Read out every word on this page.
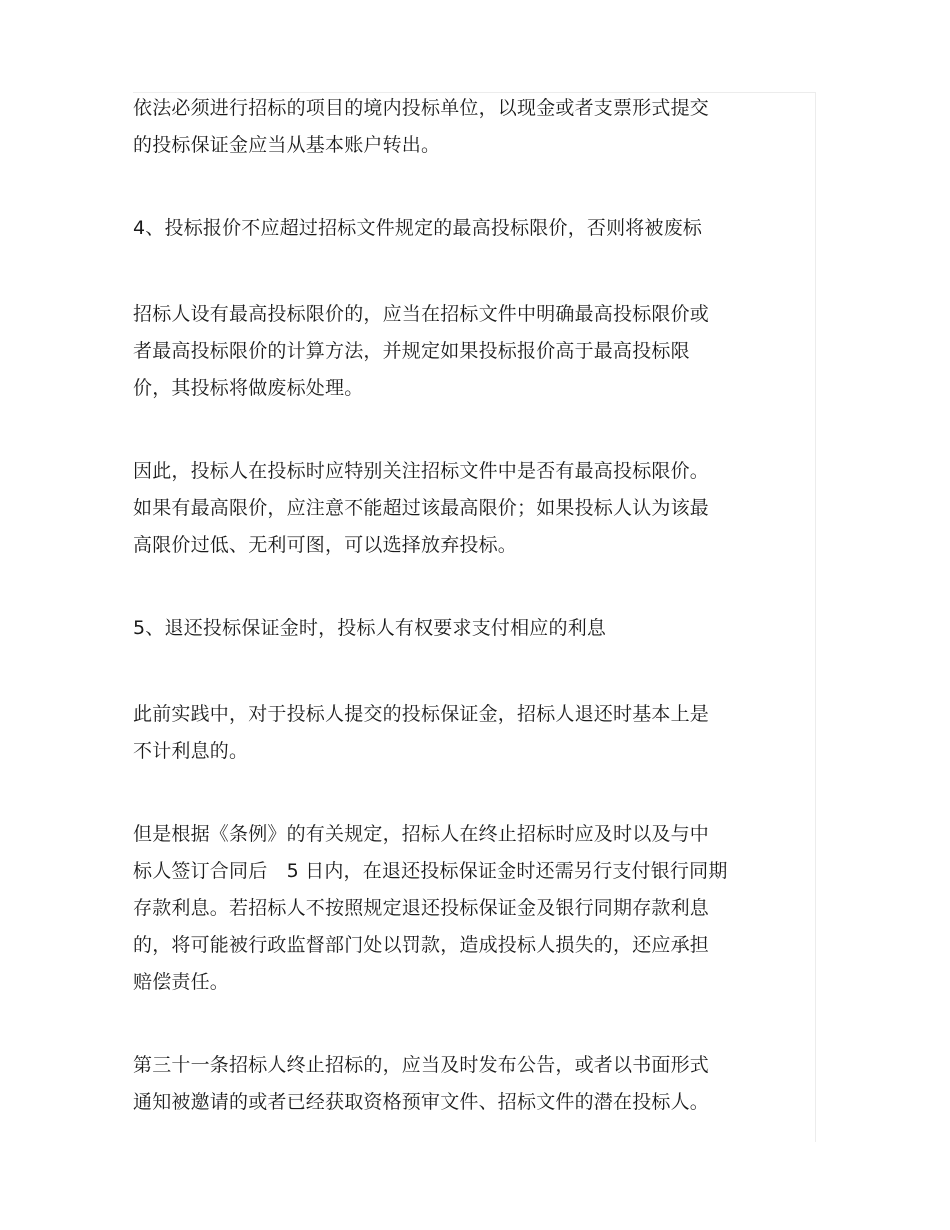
依法必须进行招标的项目的境内投标单位，以现金或者支票形式提交
的投标保证金应当从基本账户转出。

4、投标报价不应超过招标文件规定的最高投标限价，否则将被废标

招标人设有最高投标限价的，应当在招标文件中明确最高投标限价或
者最高投标限价的计算方法，并规定如果投标报价高于最高投标限
价，其投标将做废标处理。

因此，投标人在投标时应特别关注招标文件中是否有最高投标限价。
如果有最高限价，应注意不能超过该最高限价；如果投标人认为该最
高限价过低、无利可图，可以选择放弃投标。

5、退还投标保证金时，投标人有权要求支付相应的利息

此前实践中，对于投标人提交的投标保证金，招标人退还时基本上是
不计利息的。

但是根据《条例》的有关规定，招标人在终止招标时应及时以及与中
标人签订合同后　5 日内，在退还投标保证金时还需另行支付银行同期
存款利息。若招标人不按照规定退还投标保证金及银行同期存款利息
的，将可能被行政监督部门处以罚款，造成投标人损失的，还应承担
赔偿责任。

第三十一条招标人终止招标的，应当及时发布公告，或者以书面形式
通知被邀请的或者已经获取资格预审文件、招标文件的潜在投标人。
